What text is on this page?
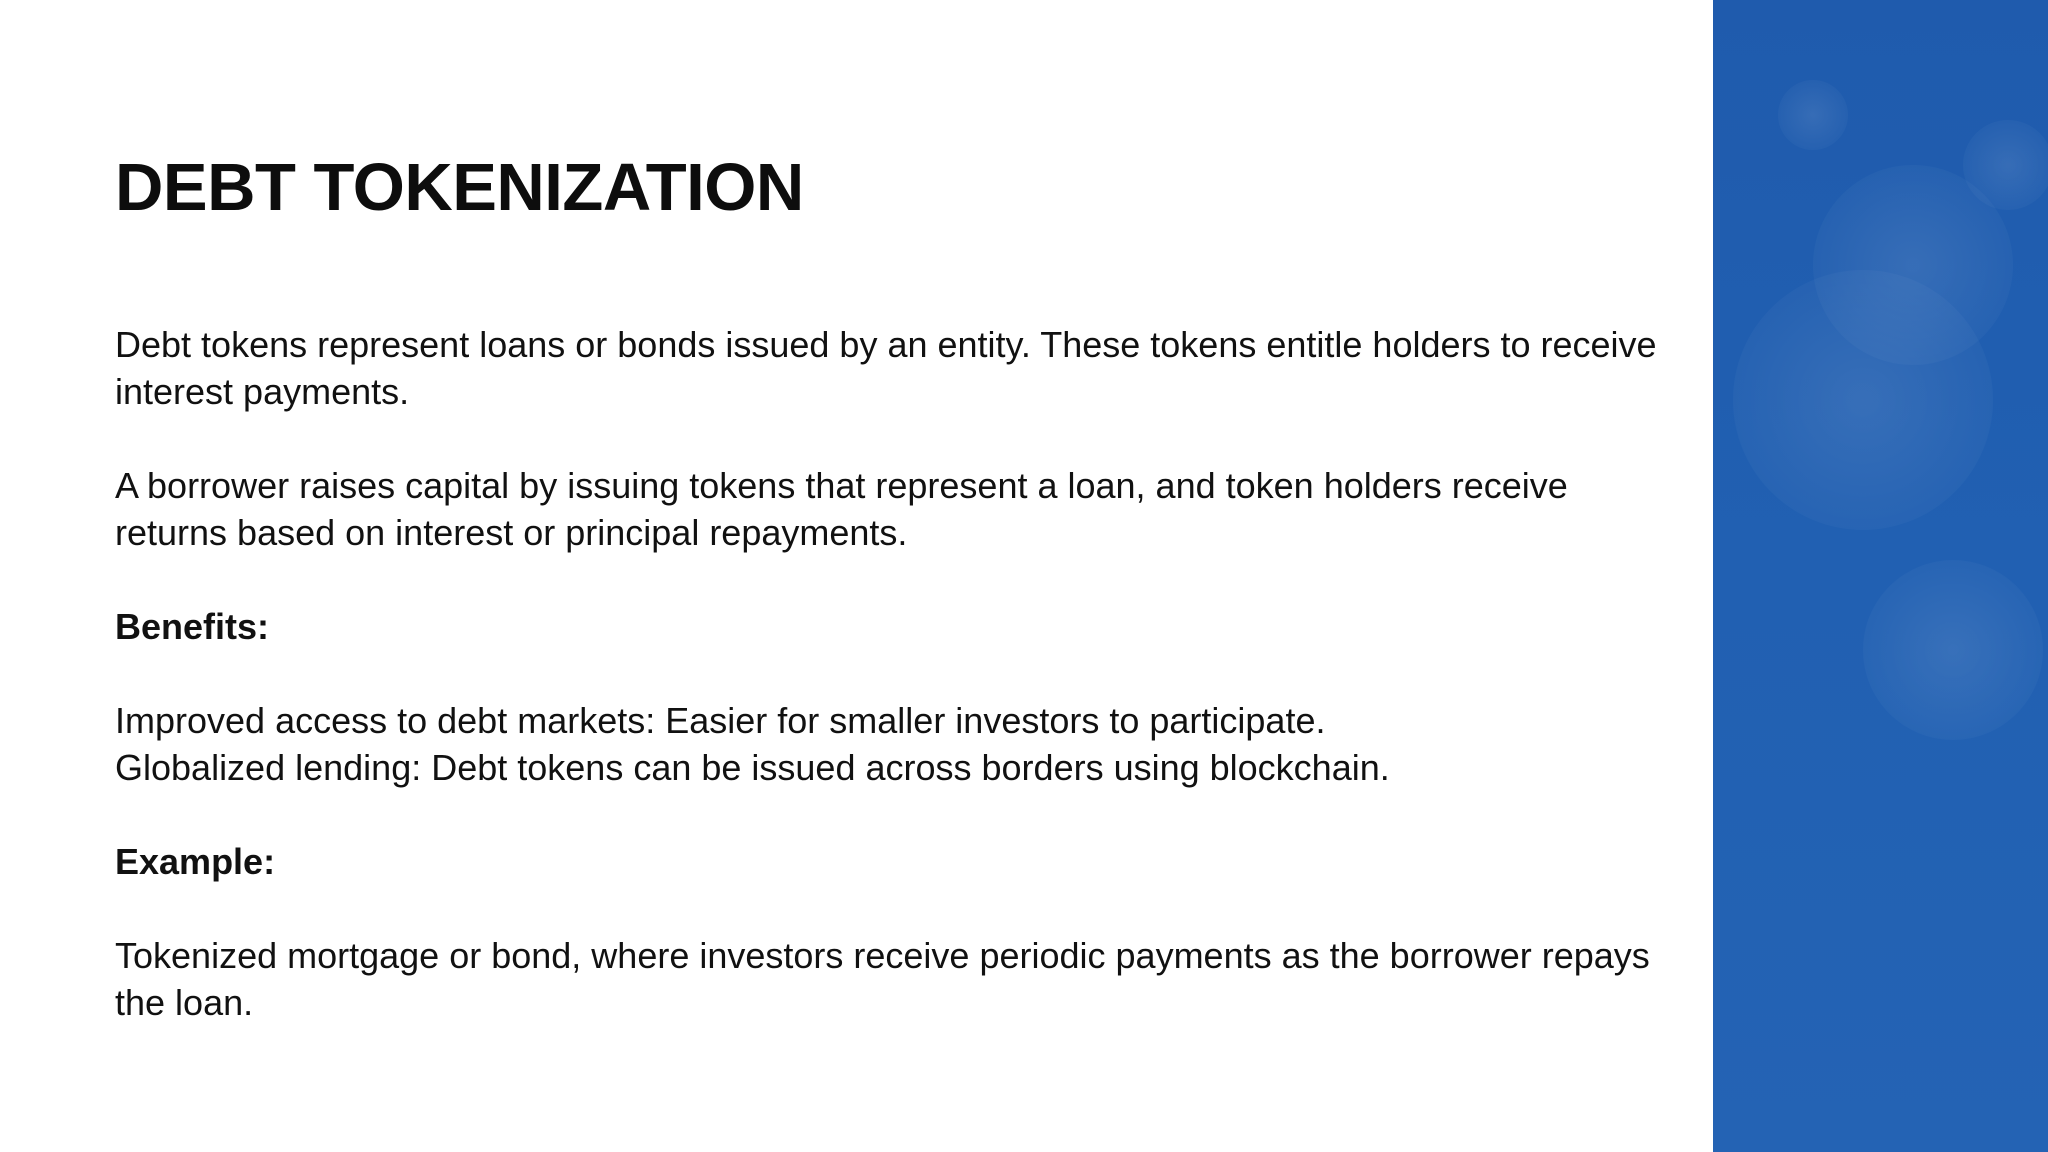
DEBT TOKENIZATION

Debt tokens represent loans or bonds issued by an entity. These tokens entitle holders to receive interest payments.

A borrower raises capital by issuing tokens that represent a loan, and token holders receive returns based on interest or principal repayments.

Benefits:

Improved access to debt markets: Easier for smaller investors to participate.

Globalized lending: Debt tokens can be issued across borders using blockchain.

Example:

Tokenized mortgage or bond, where investors receive periodic payments as the borrower repays the loan.
